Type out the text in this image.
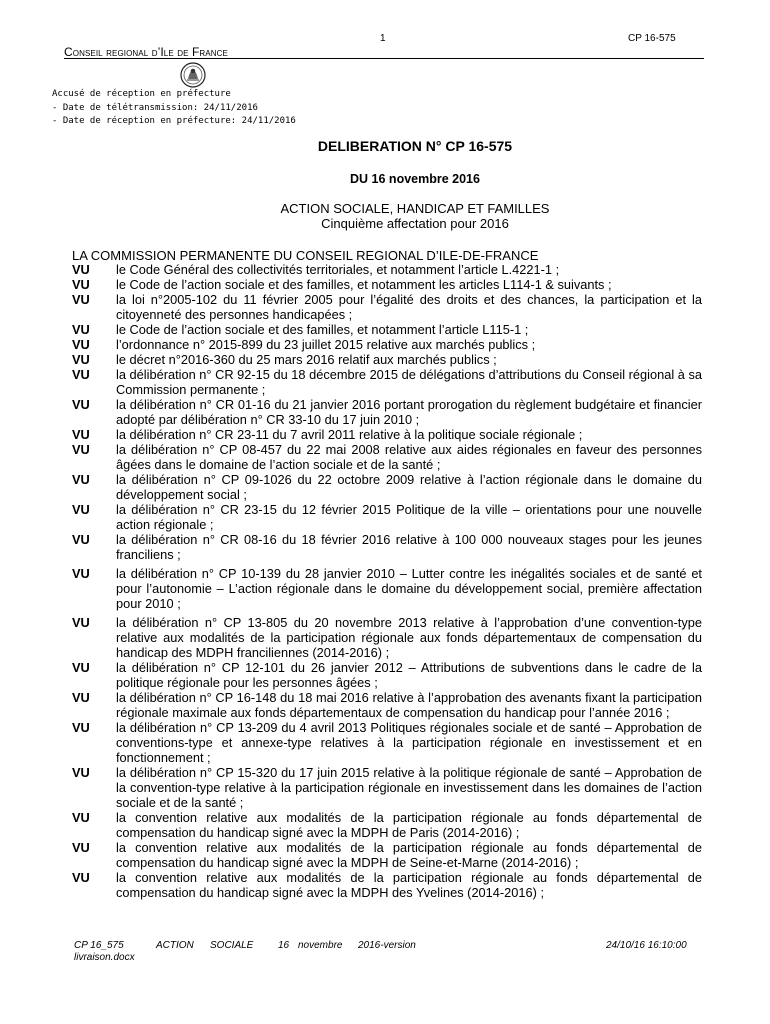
1	CP 16-575
Conseil regional d’Ile de France
Accusé de réception en préfecture
- Date de télétransmission: 24/11/2016
- Date de réception en préfecture: 24/11/2016
DELIBERATION N° CP 16-575
DU 16 novembre 2016
ACTION SOCIALE, HANDICAP ET FAMILLES
Cinquième affectation pour 2016
LA COMMISSION PERMANENTE DU CONSEIL REGIONAL D’ILE-DE-FRANCE
VU le Code Général des collectivités territoriales, et notamment l’article L.4221-1 ;
VU le Code de l’action sociale et des familles, et notamment les articles L114-1 & suivants ;
VU la loi n°2005-102 du 11 février 2005 pour l’égalité des droits et des chances, la participation et la citoyenneté des personnes handicapées ;
VU le Code de l’action sociale et des familles, et notamment l’article L115-1 ;
VU l’ordonnance n° 2015-899 du 23 juillet 2015 relative aux marchés publics ;
VU le décret n°2016-360 du 25 mars 2016 relatif aux marchés publics ;
VU la délibération n° CR 92-15 du 18 décembre 2015 de délégations d’attributions du Conseil régional à sa Commission permanente ;
VU la délibération n° CR 01-16 du 21 janvier 2016 portant prorogation du règlement budgétaire et financier adopté par délibération n° CR 33-10 du 17 juin 2010 ;
VU la délibération n° CR 23-11 du 7 avril 2011 relative à la politique sociale régionale ;
VU la délibération n° CP 08-457 du 22 mai 2008 relative aux aides régionales en faveur des personnes âgées dans le domaine de l’action sociale et de la santé ;
VU la délibération n° CP 09-1026 du 22 octobre 2009 relative à l’action régionale dans le domaine du développement social ;
VU la délibération n° CR 23-15 du 12 février 2015 Politique de la ville – orientations pour une nouvelle action régionale ;
VU la délibération n° CR 08-16 du 18 février 2016 relative à 100 000 nouveaux stages pour les jeunes franciliens ;
VU la délibération n° CP 10-139 du 28 janvier 2010 – Lutter contre les inégalités sociales et de santé et pour l’autonomie – L’action régionale dans le domaine du développement social, première affectation pour 2010 ;
VU la délibération n° CP 13-805 du 20 novembre 2013 relative à l’approbation d’une convention-type relative aux modalités de la participation régionale aux fonds départementaux de compensation du handicap des MDPH franciliennes (2014-2016) ;
VU la délibération n° CP 12-101 du 26 janvier 2012 – Attributions de subventions dans le cadre de la politique régionale pour les personnes âgées ;
VU la délibération n° CP 16-148 du 18 mai 2016 relative à l’approbation des avenants fixant la participation régionale maximale aux fonds départementaux de compensation du handicap pour l’année 2016 ;
VU la délibération n° CP 13-209 du 4 avril 2013 Politiques régionales sociale et de santé – Approbation de conventions-type et annexe-type relatives à la participation régionale en investissement et en fonctionnement ;
VU la délibération n° CP 15-320 du 17 juin 2015 relative à la politique régionale de santé – Approbation de la convention-type relative à la participation régionale en investissement dans les domaines de l’action sociale et de la santé ;
VU la convention relative aux modalités de la participation régionale au fonds départemental de compensation du handicap signé avec la MDPH de Paris (2014-2016) ;
VU la convention relative aux modalités de la participation régionale au fonds départemental de compensation du handicap signé avec la MDPH de Seine-et-Marne (2014-2016) ;
VU la convention relative aux modalités de la participation régionale au fonds départemental de compensation du handicap signé avec la MDPH des Yvelines (2014-2016) ;
CP 16_575	ACTION SOCIALE 16 novembre 2016-version
livraison.docx
24/10/16 16:10:00
